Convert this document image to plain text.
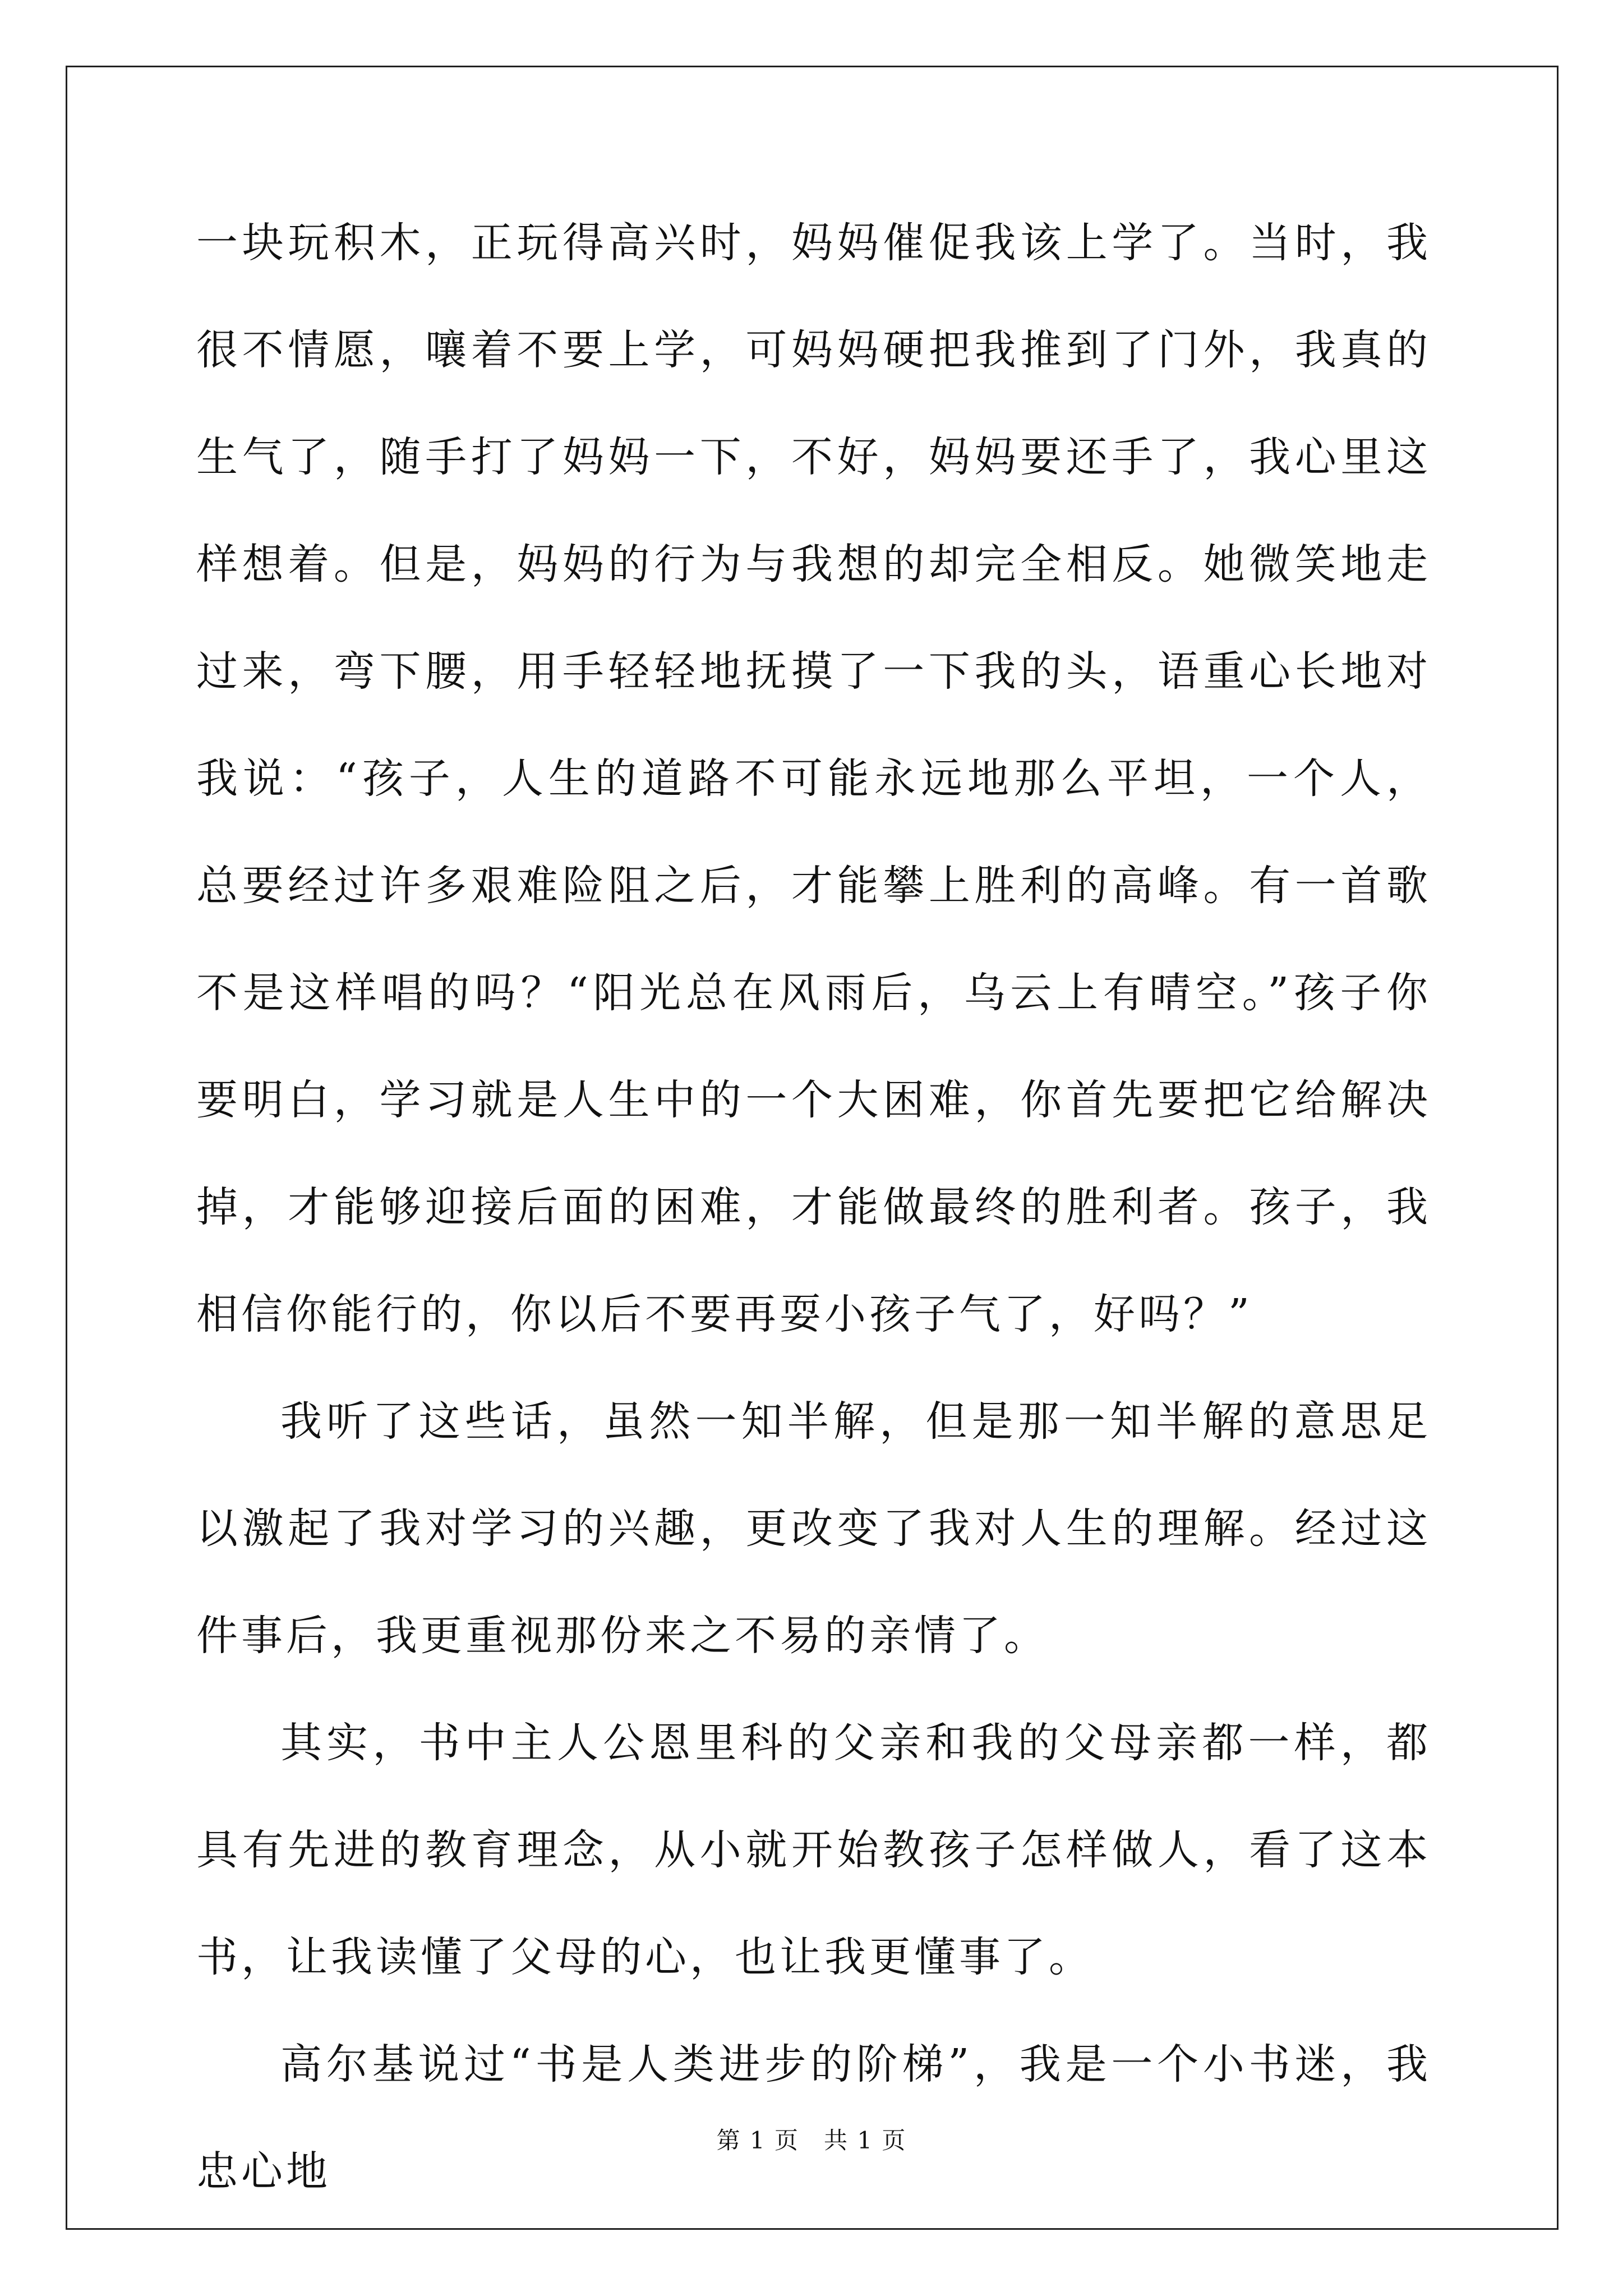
一块玩积木，正玩得高兴时，妈妈催促我该上学了。当时，我很不情愿，嚷着不要上学，可妈妈硬把我推到了门外，我真的生气了，随手打了妈妈一下，不好，妈妈要还手了，我心里这样想着。但是，妈妈的行为与我想的却完全相反。她微笑地走过来，弯下腰，用手轻轻地抚摸了一下我的头，语重心长地对我说：“孩子，人生的道路不可能永远地那么平坦，一个人，总要经过许多艰难险阻之后，才能攀上胜利的高峰。有一首歌不是这样唱的吗？“阳光总在风雨后，乌云上有晴空。”孩子你要明白，学习就是人生中的一个大困难，你首先要把它给解决掉，才能够迎接后面的困难，才能做最终的胜利者。孩子，我相信你能行的，你以后不要再耍小孩子气了，好吗？”

我听了这些话，虽然一知半解，但是那一知半解的意思足以激起了我对学习的兴趣，更改变了我对人生的理解。经过这件事后，我更重视那份来之不易的亲情了。

其实，书中主人公恩里科的父亲和我的父母亲都一样，都具有先进的教育理念，从小就开始教孩子怎样做人，看了这本书，让我读懂了父母的心，也让我更懂事了。

高尔基说过“书是人类进步的阶梯”，我是一个小书迷，我忠心地

第 1 页　共 1 页
